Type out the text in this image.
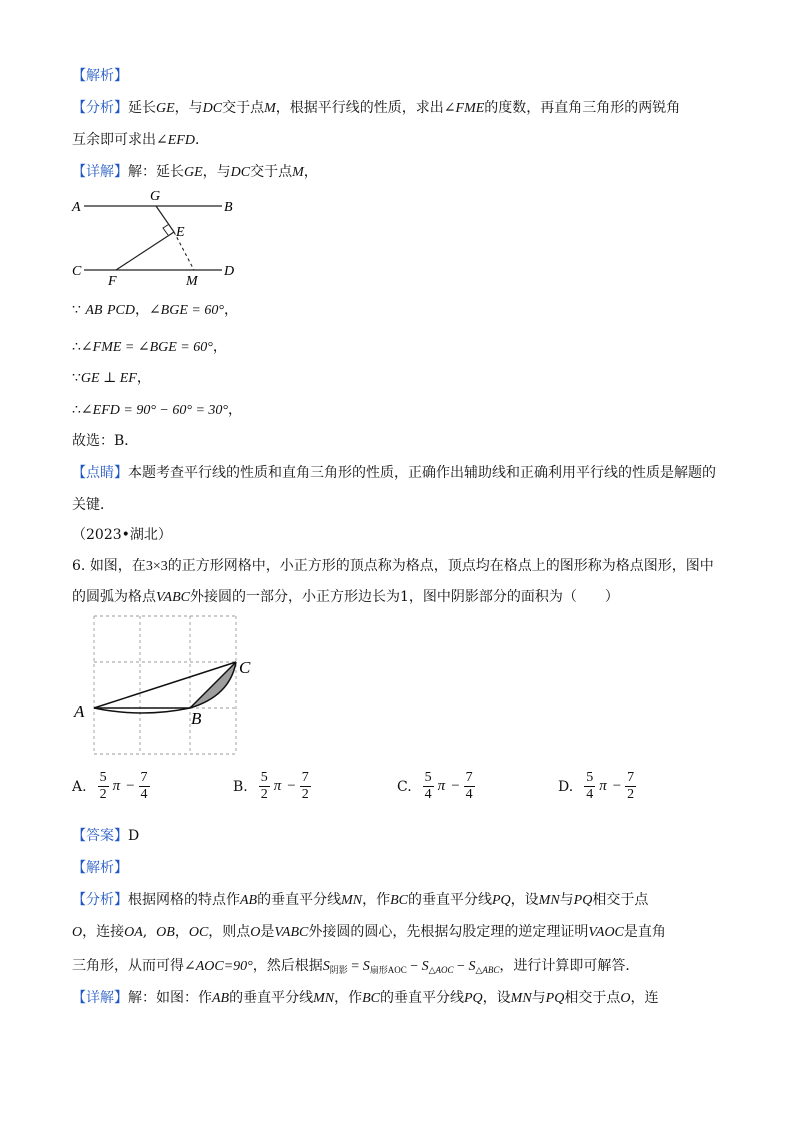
【解析】
【分析】延长GE，与DC交于点M，根据平行线的性质，求出∠FME的度数，再直角三角形的两锐角
互余即可求出∠EFD．
【详解】解：延长GE，与DC交于点M，
A
G
B
E
C
F	M
D
∵ AB PCD，∠BGE = 60°，
∴∠FME = ∠BGE = 60°，
∵GE ⊥ EF，
∴∠EFD = 90° − 60° = 30°，
故选：B．
【点睛】本题考查平行线的性质和直角三角形的性质，正确作出辅助线和正确利用平行线的性质是解题的
关键．
（2023•湖北）
6. 如图，在3×3的正方形网格中，小正方形的顶点称为格点，顶点均在格点上的图形称为格点图形，图中
的圆弧为格点VABC外接圆的一部分，小正方形边长为1，图中阴影部分的面积为（　　）
A	B
C
A. $\frac{5}{2}$ $\pi - \frac{7}{4}$	B. $\frac{5}{2}$ $\pi - \frac{7}{2}$	C. $\frac{5}{4}$ $\pi - \frac{7}{4}$	D. $\frac{5}{4}$ $\pi - \frac{7}{2}$
【答案】D
【解析】
【分析】根据网格的特点作AB的垂直平分线MN，作BC的垂直平分线PQ，设MN与PQ相交于点
O，连接OA, OB，OC，则点O是VABC外接圆的圆心，先根据勾股定理的逆定理证明VAOC是直角
三角形，从而可得∠AOC=90°，然后根据$S_{阴影} = S_{扇形AOC} - S_{\triangle AOC} - S_{\triangle ABC}$，进行计算即可解答．
【详解】解：如图：作AB的垂直平分线MN，作BC的垂直平分线PQ，设MN与PQ相交于点O，连
